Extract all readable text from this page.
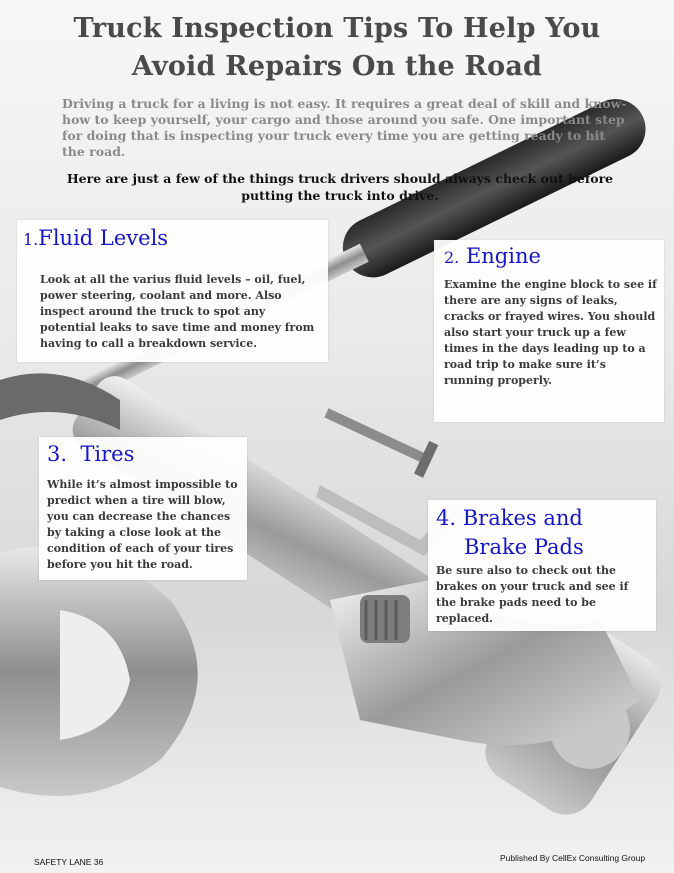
Truck Inspection Tips To Help You Avoid Repairs On the Road
Driving a truck for a living is not easy. It requires a great deal of skill and know-how to keep yourself, your cargo and those around you safe. One important step for doing that is inspecting your truck every time you are getting ready to hit the road.
Here are just a few of the things truck drivers should always check out before putting the truck into drive.
1.Fluid Levels

Look at all the varius fluid levels – oil, fuel, power steering, coolant and more. Also inspect around the truck to spot any potential leaks to save time and money from having to call a breakdown service.

2. Engine

Examine the engine block to see if there are any signs of leaks, cracks or frayed wires. You should also start your truck up a few times in the days leading up to a road trip to make sure it’s running properly.

3. Tires

While it’s almost impossible to predict when a tire will blow, you can decrease the chances by taking a close look at the condition of each of your tires before you hit the road.

4. Brakes and
Brake Pads

Be sure also to check out the brakes on your truck and see if the brake pads need to be replaced.

SAFETY LANE 36	Published By CellEx Consulting Group
